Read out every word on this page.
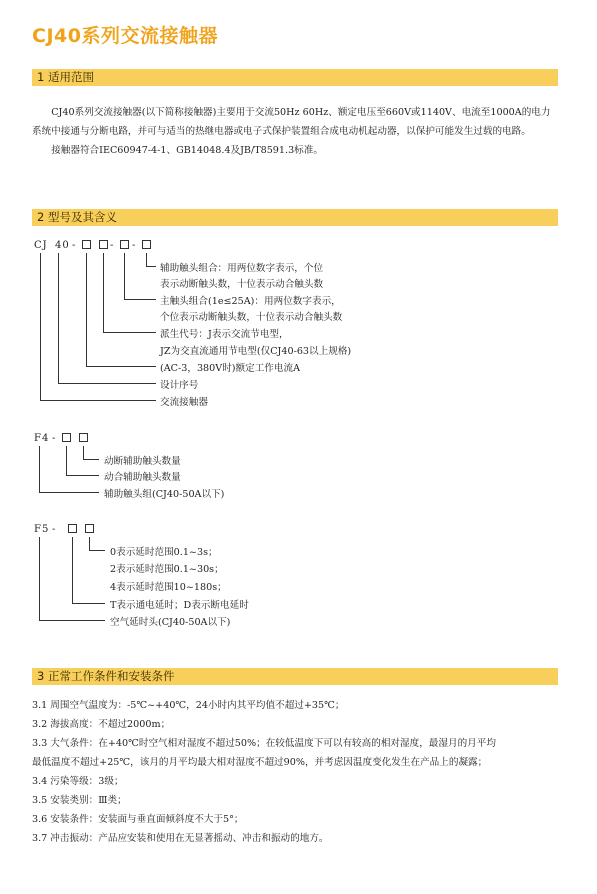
CJ40系列交流接触器
1 适用范围

CJ40系列交流接触器(以下简称接触器)主要用于交流50Hz 60Hz、额定电压至660V或1140V、电流至1000A的电力系统中接通与分断电路，并可与适当的热继电器或电子式保护装置组合成电动机起动器，以保护可能发生过载的电路。

接触器符合IEC60947-4-1、GB14048.4及JB/T8591.3标准。

2 型号及其含义
CJ 40 -	- -
辅助触头组合：用两位数字表示，个位
表示动断触头数，十位表示动合触头数
主触头组合(1e≤25A)：用两位数字表示，
个位表示动断触头数，十位表示动合触头数
派生代号：J表示交流节电型，
JZ为交直流通用节电型(仅CJ40-63以上规格)
(AC-3，380V时)额定工作电流A
设计序号
交流接触器
F4 -
动断辅助触头数量
动合辅助触头数量
辅助触头组(CJ40-50A以下)
F5 -
0表示延时范围0.1~3s；
2表示延时范围0.1~30s；
4表示延时范围10~180s；
T表示通电延时；D表示断电延时
空气延时头(CJ40-50A以下)
3 正常工作条件和安装条件
3.1 周围空气温度为：-5℃~+40℃，24小时内其平均值不超过+35℃；
3.2 海拔高度：不超过2000m；
3.3 大气条件：在+40℃时空气相对湿度不超过50%；在较低温度下可以有较高的相对湿度，最湿月的月平均
最低温度不超过+25℃，该月的月平均最大相对湿度不超过90%，并考虑因温度变化发生在产品上的凝露；
3.4 污染等级：3级；
3.5 安装类别：Ⅲ类；
3.6 安装条件：安装面与垂直面倾斜度不大于5°；
3.7 冲击振动：产品应安装和使用在无显著摇动、冲击和振动的地方。
